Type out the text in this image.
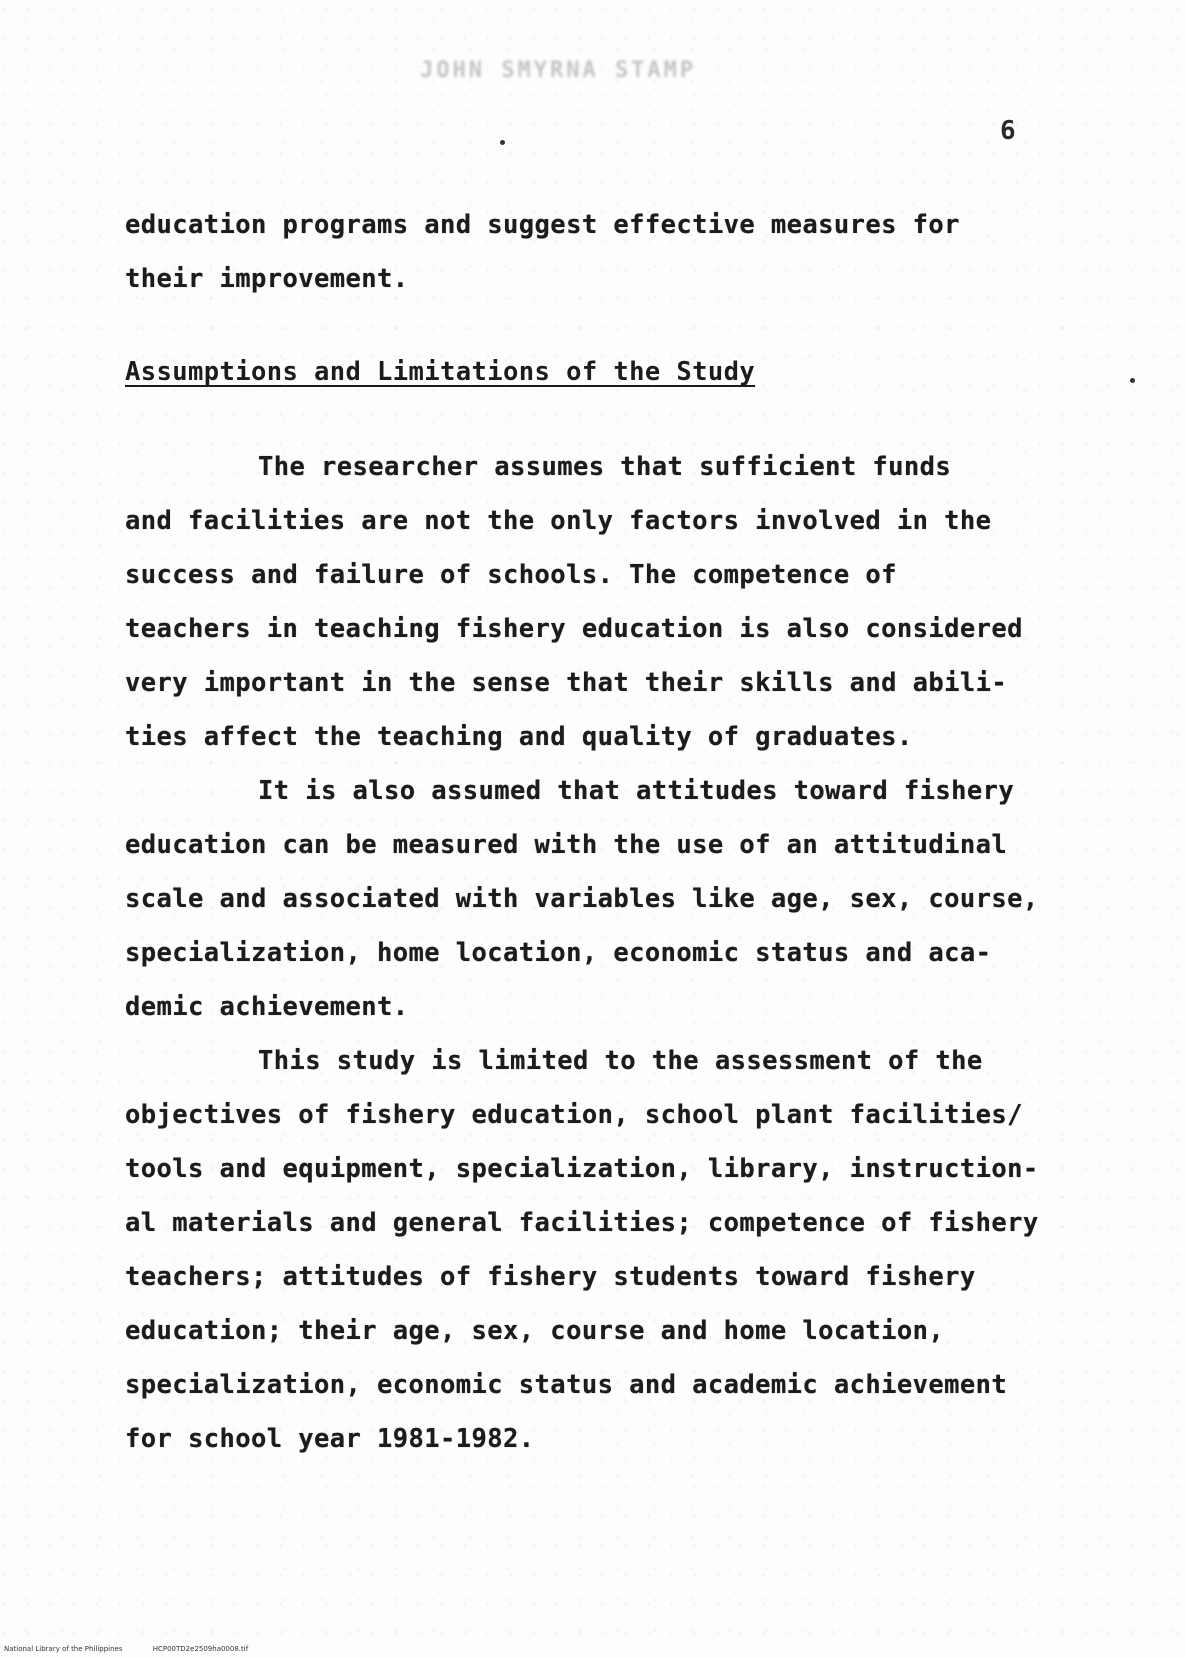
JOHN SMYRNA STAMP
6
education programs and suggest effective measures for
their improvement.
Assumptions and Limitations of the Study
The researcher assumes that sufficient funds
and facilities are not the only factors involved in the
success and failure of schools. The competence of
teachers in teaching fishery education is also considered
very important in the sense that their skills and abili-
ties affect the teaching and quality of graduates.
It is also assumed that attitudes toward fishery
education can be measured with the use of an attitudinal
scale and associated with variables like age, sex, course,
specialization, home location, economic status and aca-
demic achievement.
This study is limited to the assessment of the
objectives of fishery education, school plant facilities/
tools and equipment, specialization, library, instruction-
al materials and general facilities; competence of fishery
teachers; attitudes of fishery students toward fishery
education; their age, sex, course and home location,
specialization, economic status and academic achievement
for school year 1981-1982.
National Library of the Philippines	HCP00TD2e2509ha0008.tif
